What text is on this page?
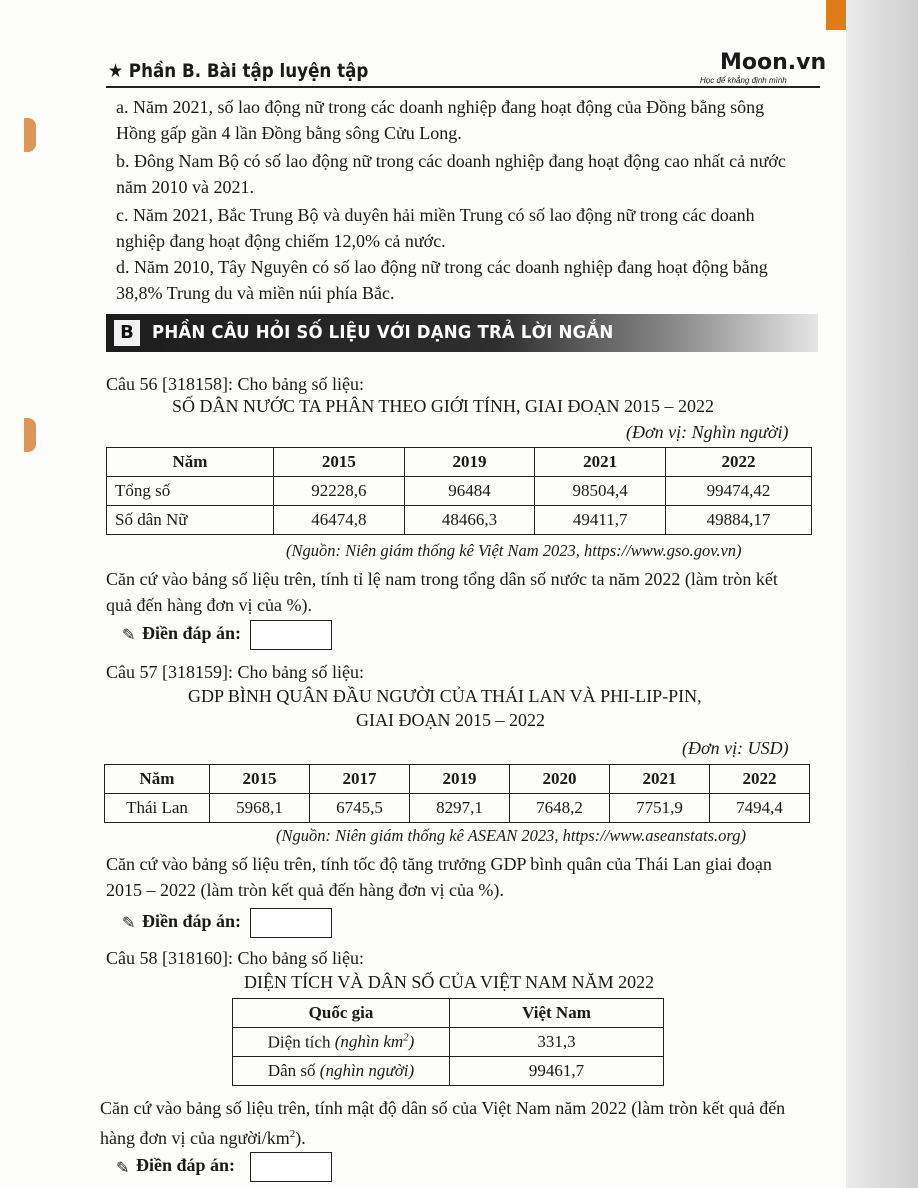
★ Phần B. Bài tập luyện tập	Moon.vn
Học để khẳng định mình
a. Năm 2021, số lao động nữ trong các doanh nghiệp đang hoạt động của Đồng bằng sông
Hồng gấp gần 4 lần Đồng bằng sông Cửu Long.
b. Đông Nam Bộ có số lao động nữ trong các doanh nghiệp đang hoạt động cao nhất cả nước
năm 2010 và 2021.
c. Năm 2021, Bắc Trung Bộ và duyên hải miền Trung có số lao động nữ trong các doanh
nghiệp đang hoạt động chiếm 12,0% cả nước.
d. Năm 2010, Tây Nguyên có số lao động nữ trong các doanh nghiệp đang hoạt động bằng
38,8% Trung du và miền núi phía Bắc.
B	PHẦN CÂU HỎI SỐ LIỆU VỚI DẠNG TRẢ LỜI NGẮN
Câu 56 [318158]: Cho bảng số liệu:
SỐ DÂN NƯỚC TA PHÂN THEO GIỚI TÍNH, GIAI ĐOẠN 2015 – 2022
(Đơn vị: Nghìn người)
Năm	2015	2019	2021	2022
Tổng số	92228,6	96484	98504,4	99474,42
Số dân Nữ	46474,8	48466,3	49411,7	49884,17
(Nguồn: Niên giám thống kê Việt Nam 2023, https://www.gso.gov.vn)
Căn cứ vào bảng số liệu trên, tính tỉ lệ nam trong tổng dân số nước ta năm 2022 (làm tròn kết
quả đến hàng đơn vị của %).
✎ Điền đáp án:
Câu 57 [318159]: Cho bảng số liệu:
GDP BÌNH QUÂN ĐẦU NGƯỜI CỦA THÁI LAN VÀ PHI-LIP-PIN,
GIAI ĐOẠN 2015 – 2022
(Đơn vị: USD)
Năm	2015	2017	2019	2020	2021	2022
Thái Lan	5968,1	6745,5	8297,1	7648,2	7751,9	7494,4
(Nguồn: Niên giám thống kê ASEAN 2023, https://www.aseanstats.org)
Căn cứ vào bảng số liệu trên, tính tốc độ tăng trưởng GDP bình quân của Thái Lan giai đoạn
2015 – 2022 (làm tròn kết quả đến hàng đơn vị của %).
✎ Điền đáp án:
Câu 58 [318160]: Cho bảng số liệu:
DIỆN TÍCH VÀ DÂN SỐ CỦA VIỆT NAM NĂM 2022
Quốc gia	Việt Nam
Diện tích (nghìn $km^2$)	331,3
Dân số (nghìn người)	99461,7
Căn cứ vào bảng số liệu trên, tính mật độ dân số của Việt Nam năm 2022 (làm tròn kết quả đến
hàng đơn vị của người/$km^2$).
✎ Điền đáp án:
